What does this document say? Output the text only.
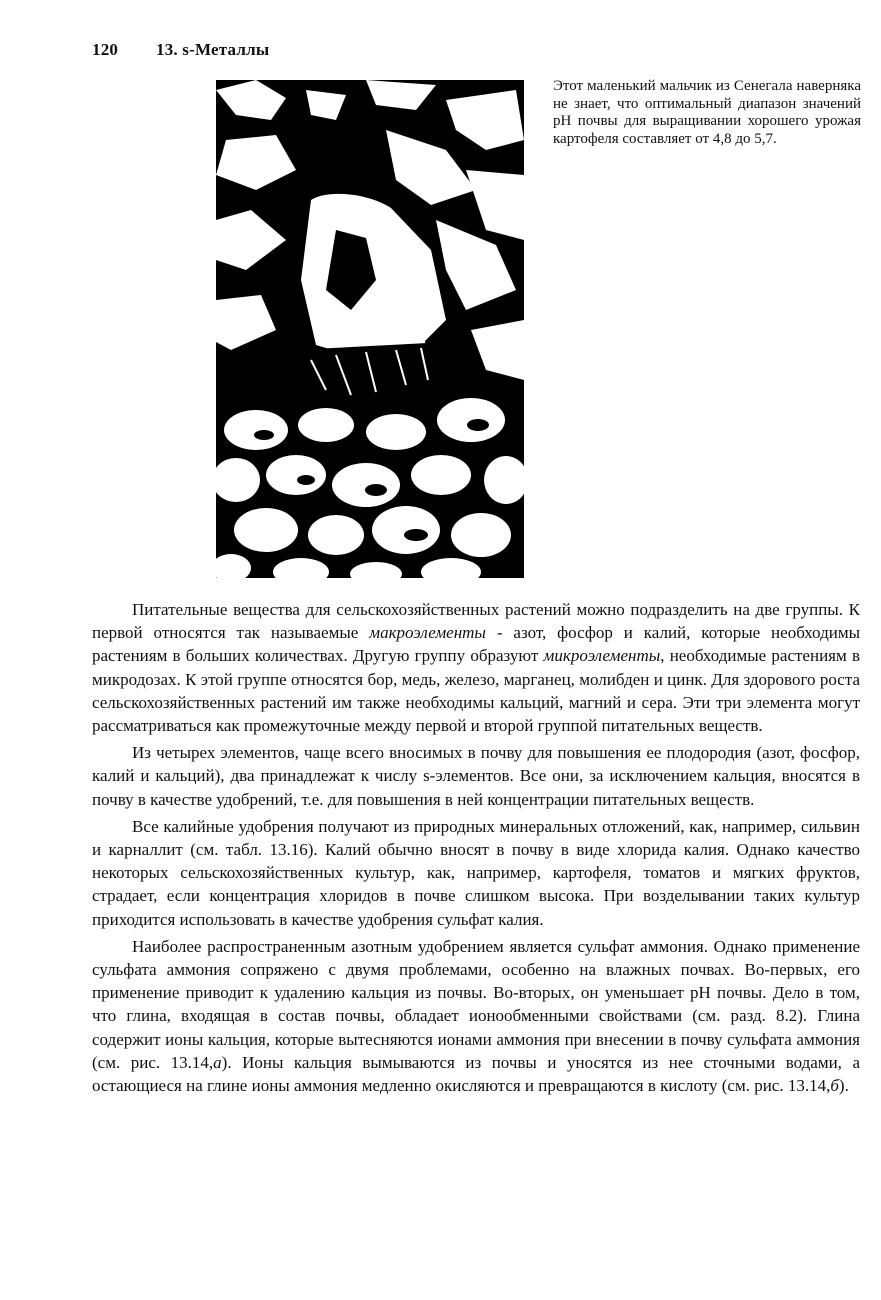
120 13. s-Металлы
Этот маленький мальчик из Сенегала наверняка не знает, что оптимальный диапазон значений pH почвы для выращивании хорошего урожая картофеля составляет от 4,8 до 5,7.

Питательные вещества для сельскохозяйственных растений можно подразделить на две группы. К первой относятся так называемые макроэлементы - азот, фосфор и калий, которые необходимы растениям в больших количествах. Другую группу образуют микроэлементы, необходимые растениям в микродозах. К этой группе относятся бор, медь, железо, марганец, молибден и цинк. Для здорового роста сельскохозяйственных растений им также необходимы кальций, магний и сера. Эти три элемента могут рассматриваться как промежуточные между первой и второй группой питательных веществ.

Из четырех элементов, чаще всего вносимых в почву для повышения ее плодородия (азот, фосфор, калий и кальций), два принадлежат к числу s-элементов. Все они, за исключением кальция, вносятся в почву в качестве удобрений, т.е. для повышения в ней концентрации питательных веществ.

Все калийные удобрения получают из природных минеральных отложений, как, например, сильвин и карналлит (см. табл. 13.16). Калий обычно вносят в почву в виде хлорида калия. Однако качество некоторых сельскохозяйственных культур, как, например, картофеля, томатов и мягких фруктов, страдает, если концентрация хлоридов в почве слишком высока. При возделывании таких культур приходится использовать в качестве удобрения сульфат калия.

Наиболее распространенным азотным удобрением является сульфат аммония. Однако применение сульфата аммония сопряжено с двумя проблемами, особенно на влажных почвах. Во-первых, его применение приводит к удалению кальция из почвы. Во-вторых, он уменьшает pH почвы. Дело в том, что глина, входящая в состав почвы, обладает ионообменными свойствами (см. разд. 8.2). Глина содержит ионы кальция, которые вытесняются ионами аммония при внесении в почву сульфата аммония (см. рис. 13.14,а). Ионы кальция вымываются из почвы и уносятся из нее сточными водами, а остающиеся на глине ионы аммония медленно окисляются и превращаются в кислоту (см. рис. 13.14,б).
